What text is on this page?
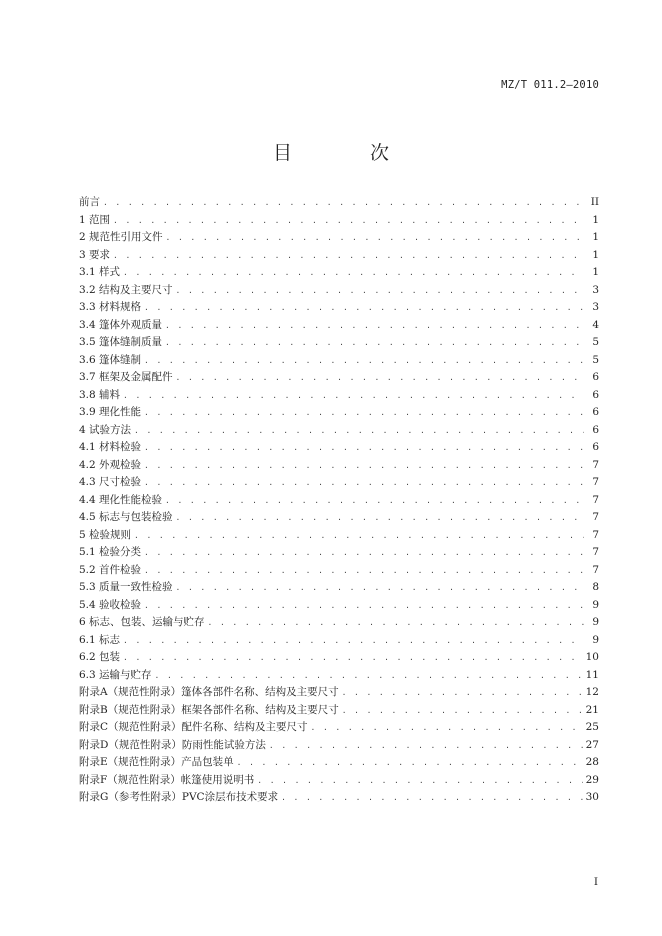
MZ/T 011.2—2010
目 次
前言 . . .	II
1 范围 . . .	1
2 规范性引用文件 . . .	1
3 要求 . . .	1
3.1 样式 . . .	1
3.2 结构及主要尺寸 . . .	3
3.3 材料规格 . . .	3
3.4 篷体外观质量 . . .	4
3.5 篷体缝制质量 . . .	5
3.6 篷体缝制 . . .	5
3.7 框架及金属配件 . . .	6
3.8 辅料 . . .	6
3.9 理化性能 . . .	6
4 试验方法 . . .	6
4.1 材料检验 . . .	6
4.2 外观检验 . . .	7
4.3 尺寸检验 . . .	7
4.4 理化性能检验 . . .	7
4.5 标志与包装检验 . . .	7
5 检验规则 . . .	7
5.1 检验分类 . . .	7
5.2 首件检验 . . .	7
5.3 质量一致性检验 . . .	8
5.4 验收检验 . . .	9
6 标志、包装、运输与贮存 . . .	9
6.1 标志 . . .	9
6.2 包装 . . .	10
6.3 运输与贮存 . . .	11
附录A（规范性附录）篷体各部件名称、结构及主要尺寸 . . .	12
附录B（规范性附录）框架各部件名称、结构及主要尺寸 . . .	21
附录C（规范性附录）配件名称、结构及主要尺寸 . . .	25
附录D（规范性附录）防雨性能试验方法 . . .	27
附录E（规范性附录）产品包装单 . . .	28
附录F（规范性附录）帐篷使用说明书 . . .	29
附录G（参考性附录）PVC涂层布技术要求 . . .	30
I
